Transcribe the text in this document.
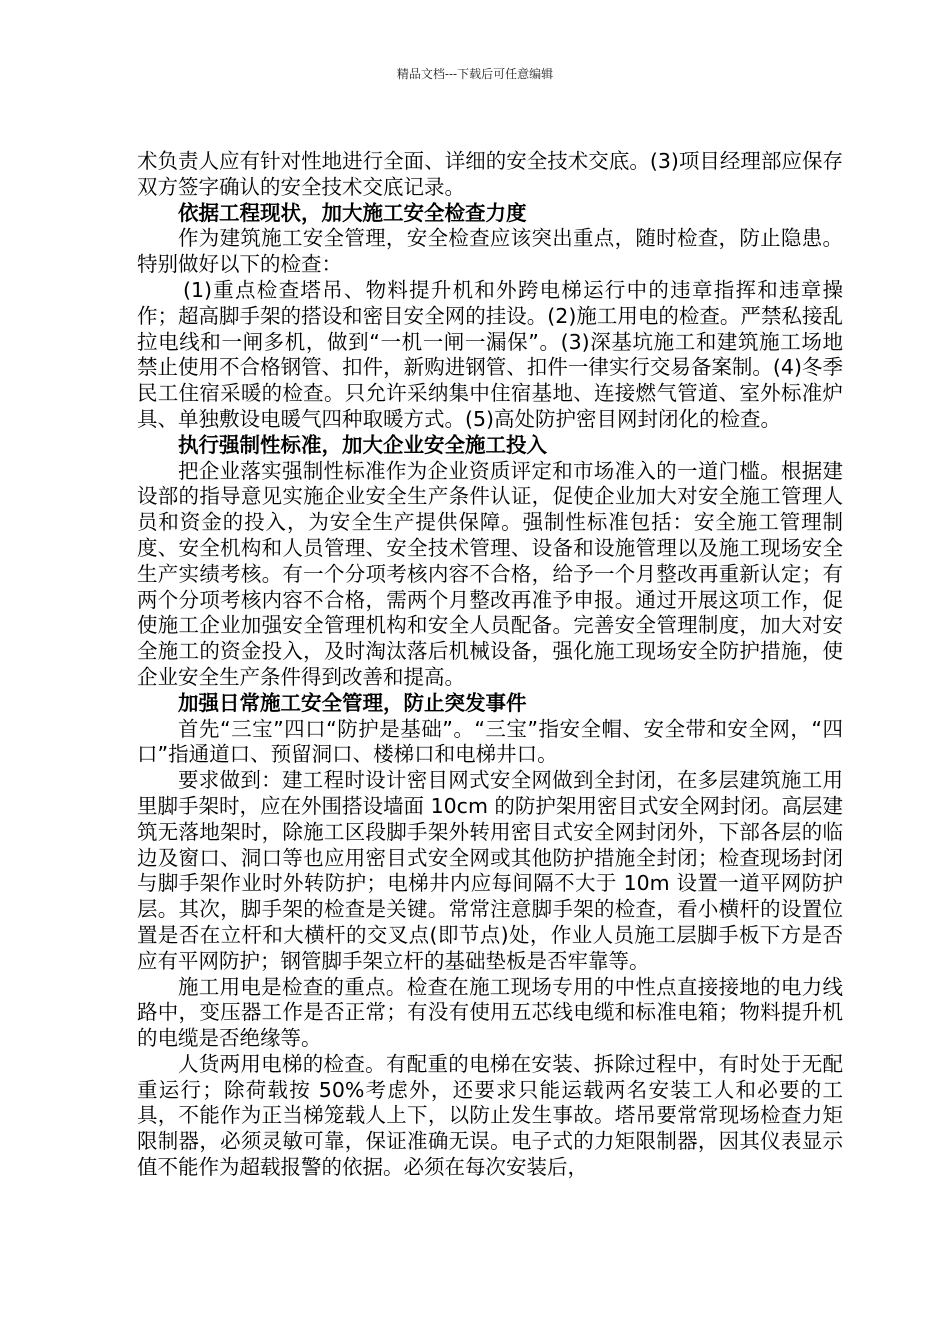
精品文档---下载后可任意编辑

术负责人应有针对性地进行全面、详细的安全技术交底。(3)项目经理部应保存双方签字确认的安全技术交底记录。

依据工程现状，加大施工安全检查力度

作为建筑施工安全管理，安全检查应该突出重点，随时检查，防止隐患。特别做好以下的检查：

(1)重点检查塔吊、物料提升机和外跨电梯运行中的违章指挥和违章操作；超高脚手架的搭设和密目安全网的挂设。(2)施工用电的检查。严禁私接乱拉电线和一闸多机，做到“一机一闸一漏保”。(3)深基坑施工和建筑施工场地禁止使用不合格钢管、扣件，新购进钢管、扣件一律实行交易备案制。(4)冬季民工住宿采暖的检查。只允许采纳集中住宿基地、连接燃气管道、室外标准炉具、单独敷设电暖气四种取暖方式。(5)高处防护密目网封闭化的检查。

执行强制性标准，加大企业安全施工投入

把企业落实强制性标准作为企业资质评定和市场准入的一道门槛。根据建设部的指导意见实施企业安全生产条件认证，促使企业加大对安全施工管理人员和资金的投入，为安全生产提供保障。强制性标准包括：安全施工管理制度、安全机构和人员管理、安全技术管理、设备和设施管理以及施工现场安全生产实绩考核。有一个分项考核内容不合格，给予一个月整改再重新认定；有两个分项考核内容不合格，需两个月整改再准予申报。通过开展这项工作，促使施工企业加强安全管理机构和安全人员配备。完善安全管理制度，加大对安全施工的资金投入，及时淘汰落后机械设备，强化施工现场安全防护措施，使企业安全生产条件得到改善和提高。

加强日常施工安全管理，防止突发事件

首先“三宝”四口“防护是基础”。“三宝”指安全帽、安全带和安全网，“四口”指通道口、预留洞口、楼梯口和电梯井口。

要求做到：建工程时设计密目网式安全网做到全封闭，在多层建筑施工用里脚手架时，应在外围搭设墙面 10cm 的防护架用密目式安全网封闭。高层建筑无落地架时，除施工区段脚手架外转用密目式安全网封闭外，下部各层的临边及窗口、洞口等也应用密目式安全网或其他防护措施全封闭；检查现场封闭与脚手架作业时外转防护；电梯井内应每间隔不大于 10m 设置一道平网防护层。其次，脚手架的检查是关键。常常注意脚手架的检查，看小横杆的设置位置是否在立杆和大横杆的交叉点(即节点)处，作业人员施工层脚手板下方是否应有平网防护；钢管脚手架立杆的基础垫板是否牢靠等。

施工用电是检查的重点。检查在施工现场专用的中性点直接接地的电力线路中，变压器工作是否正常；有没有使用五芯线电缆和标准电箱；物料提升机的电缆是否绝缘等。

人货两用电梯的检查。有配重的电梯在安装、拆除过程中，有时处于无配重运行；除荷载按 50%考虑外，还要求只能运载两名安装工人和必要的工具，不能作为正当梯笼载人上下，以防止发生事故。塔吊要常常现场检查力矩限制器，必须灵敏可靠，保证准确无误。电子式的力矩限制器，因其仪表显示值不能作为超载报警的依据。必须在每次安装后，
